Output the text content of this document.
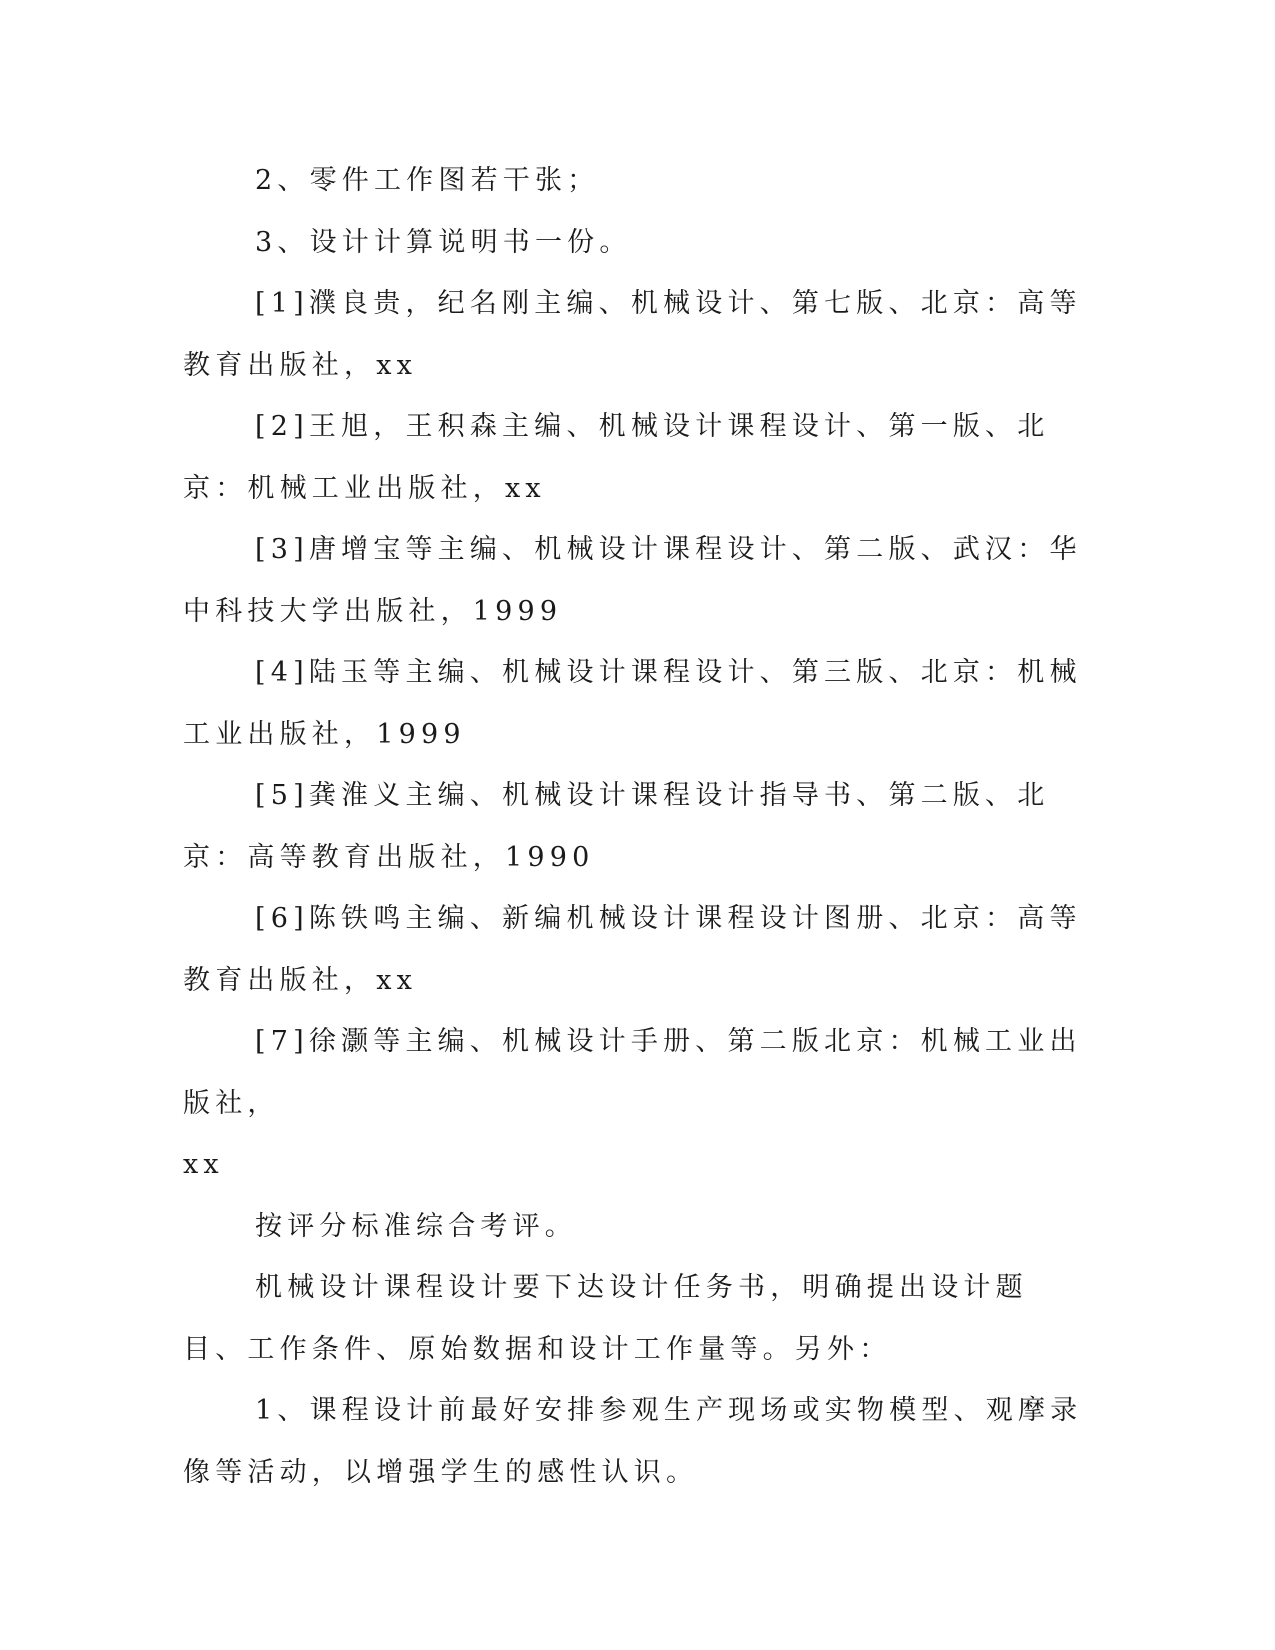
2、零件工作图若干张；

3、设计计算说明书一份。

[1]濮良贵，纪名刚主编、机械设计、第七版、北京：高等教育出版社，xx

[2]王旭，王积森主编、机械设计课程设计、第一版、北京：机械工业出版社，xx

[3]唐增宝等主编、机械设计课程设计、第二版、武汉：华中科技大学出版社，1999

[4]陆玉等主编、机械设计课程设计、第三版、北京：机械工业出版社，1999

[5]龚淮义主编、机械设计课程设计指导书、第二版、北京：高等教育出版社，1990

[6]陈铁鸣主编、新编机械设计课程设计图册、北京：高等教育出版社，xx

[7]徐灏等主编、机械设计手册、第二版北京：机械工业出版社，

xx

按评分标准综合考评。

机械设计课程设计要下达设计任务书，明确提出设计题目、工作条件、原始数据和设计工作量等。另外：

1、课程设计前最好安排参观生产现场或实物模型、观摩录像等活动，以增强学生的感性认识。
